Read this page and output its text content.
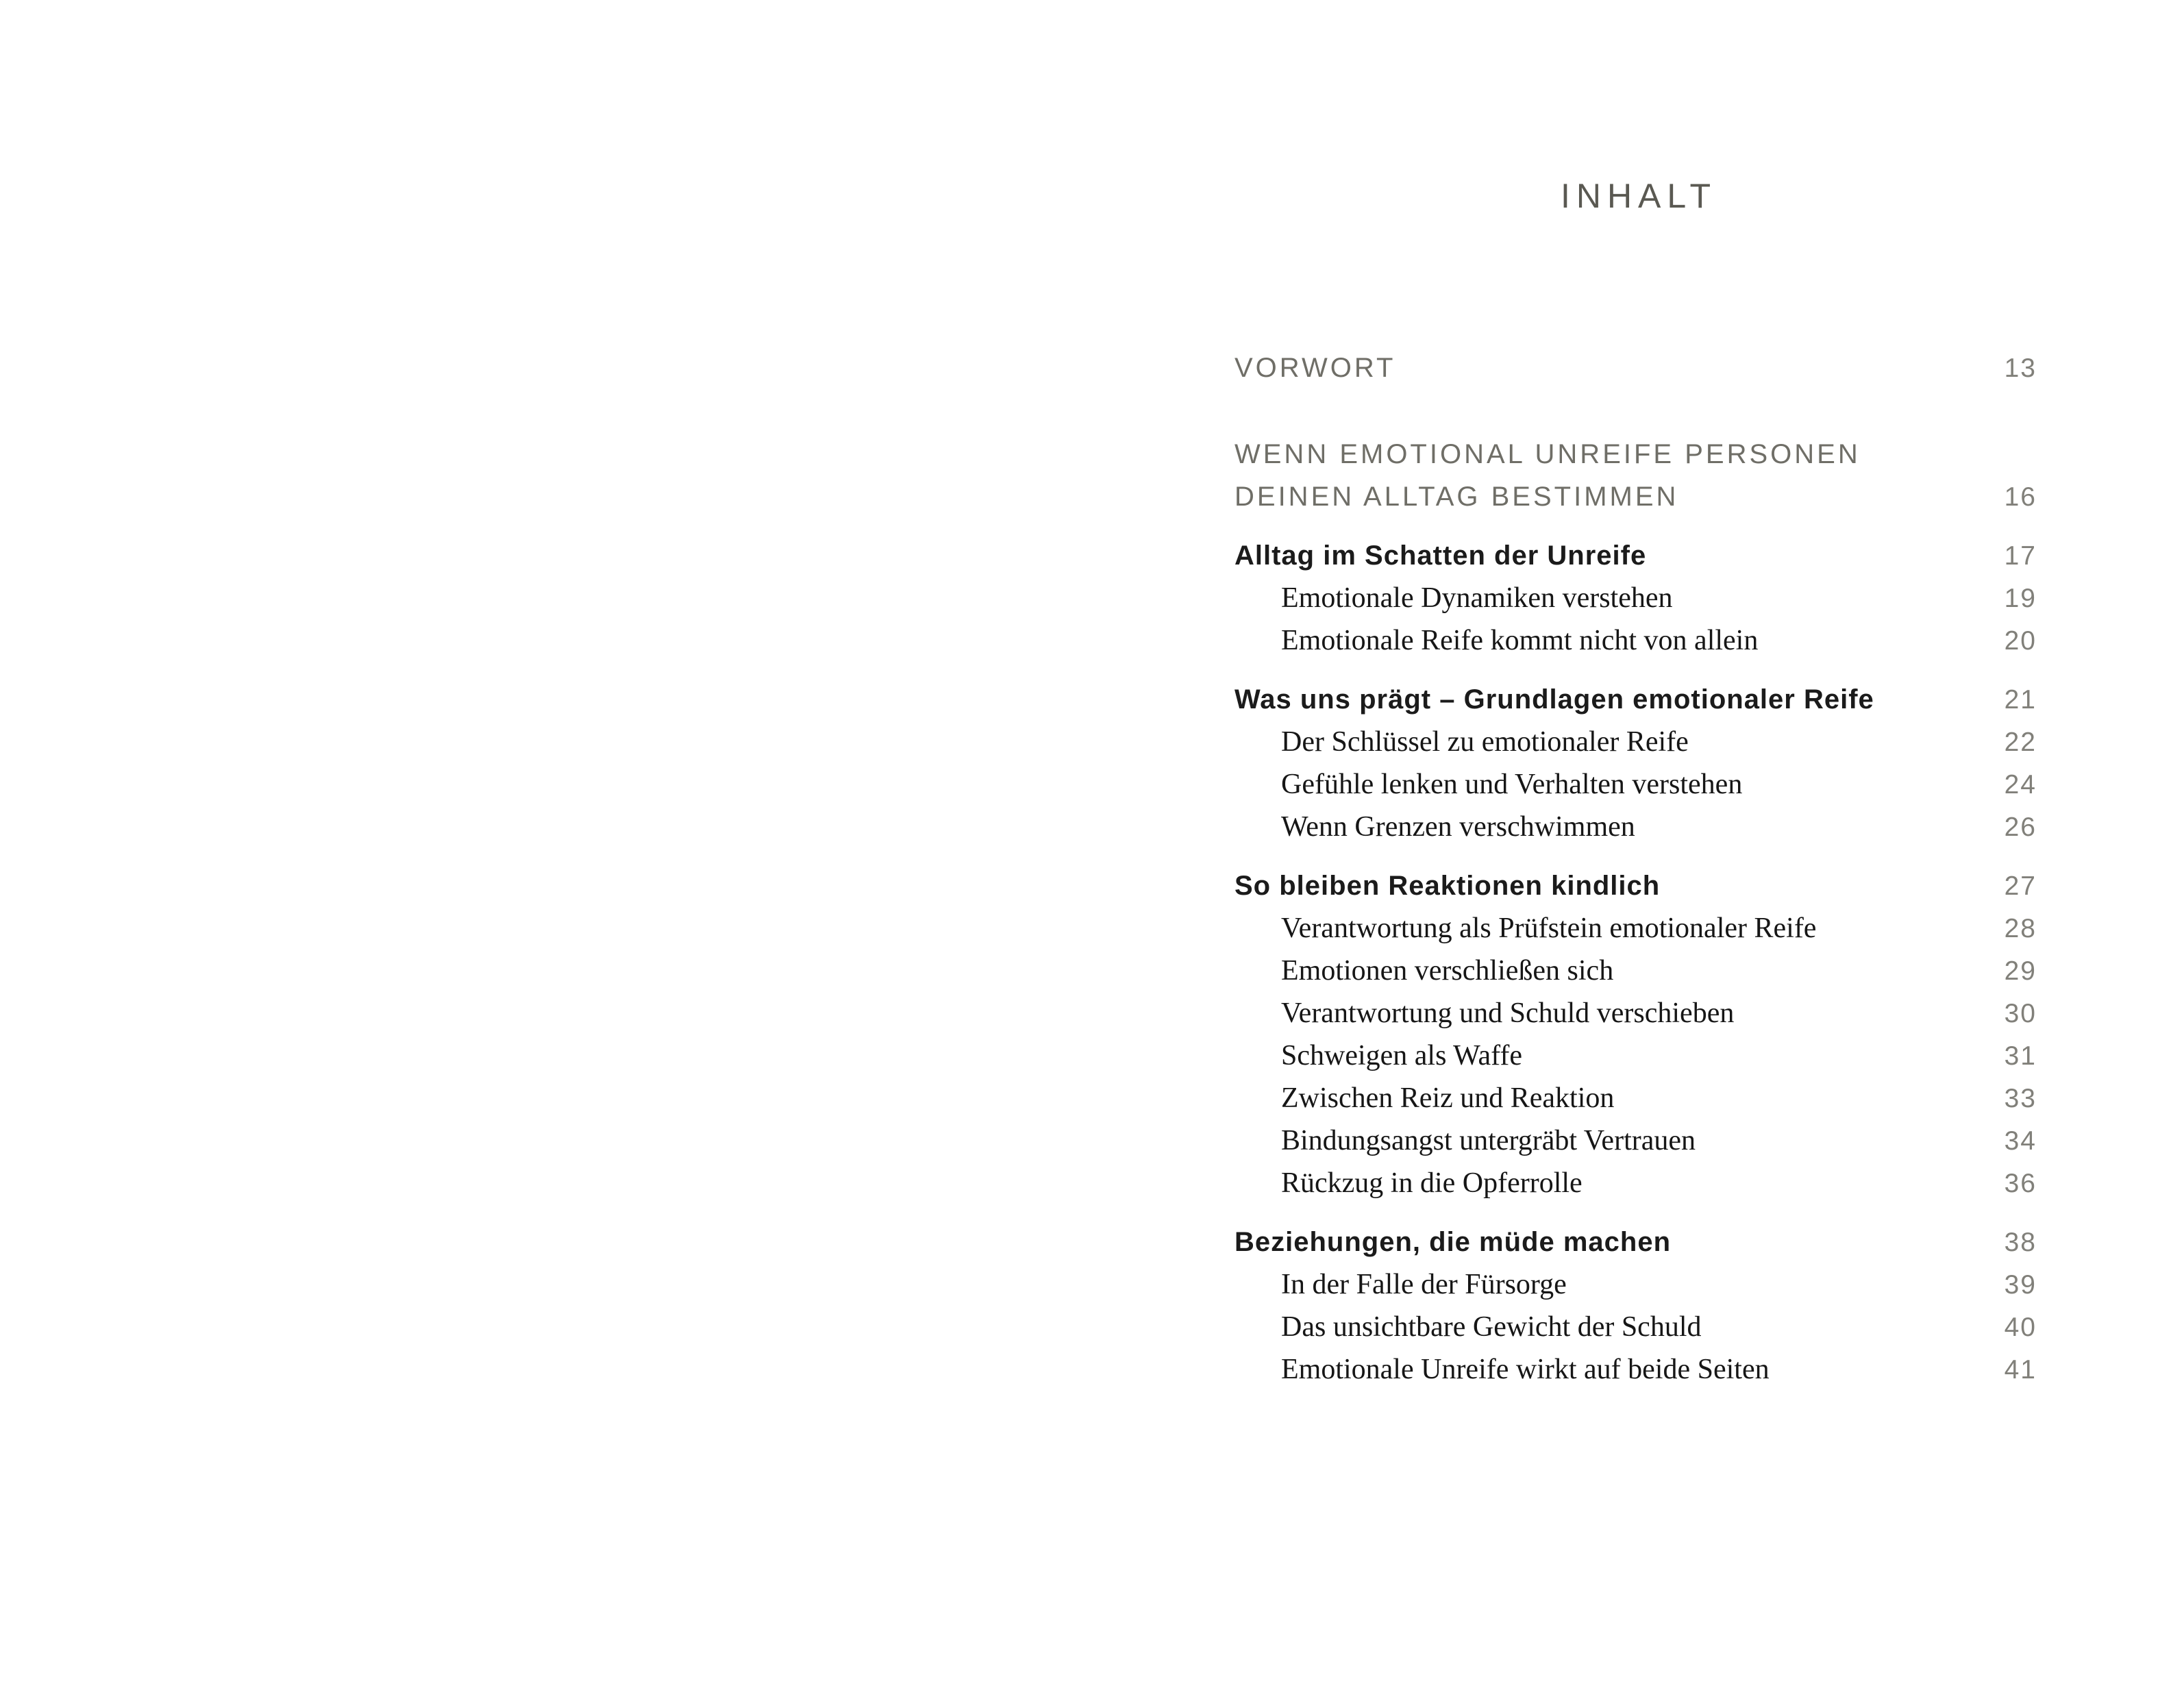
INHALT
VORWORT	13
WENN EMOTIONAL UNREIFE PERSONEN
DEINEN ALLTAG BESTIMMEN	16
Alltag im Schatten der Unreife	17
Emotionale Dynamiken verstehen	19
Emotionale Reife kommt nicht von allein	20
Was uns prägt – Grundlagen emotionaler Reife	21
Der Schlüssel zu emotionaler Reife	22
Gefühle lenken und Verhalten verstehen	24
Wenn Grenzen verschwimmen	26
So bleiben Reaktionen kindlich	27
Verantwortung als Prüfstein emotionaler Reife	28
Emotionen verschließen sich	29
Verantwortung und Schuld verschieben	30
Schweigen als Waffe	31
Zwischen Reiz und Reaktion	33
Bindungsangst untergräbt Vertrauen	34
Rückzug in die Opferrolle	36
Beziehungen, die müde machen	38
In der Falle der Fürsorge	39
Das unsichtbare Gewicht der Schuld	40
Emotionale Unreife wirkt auf beide Seiten	41
